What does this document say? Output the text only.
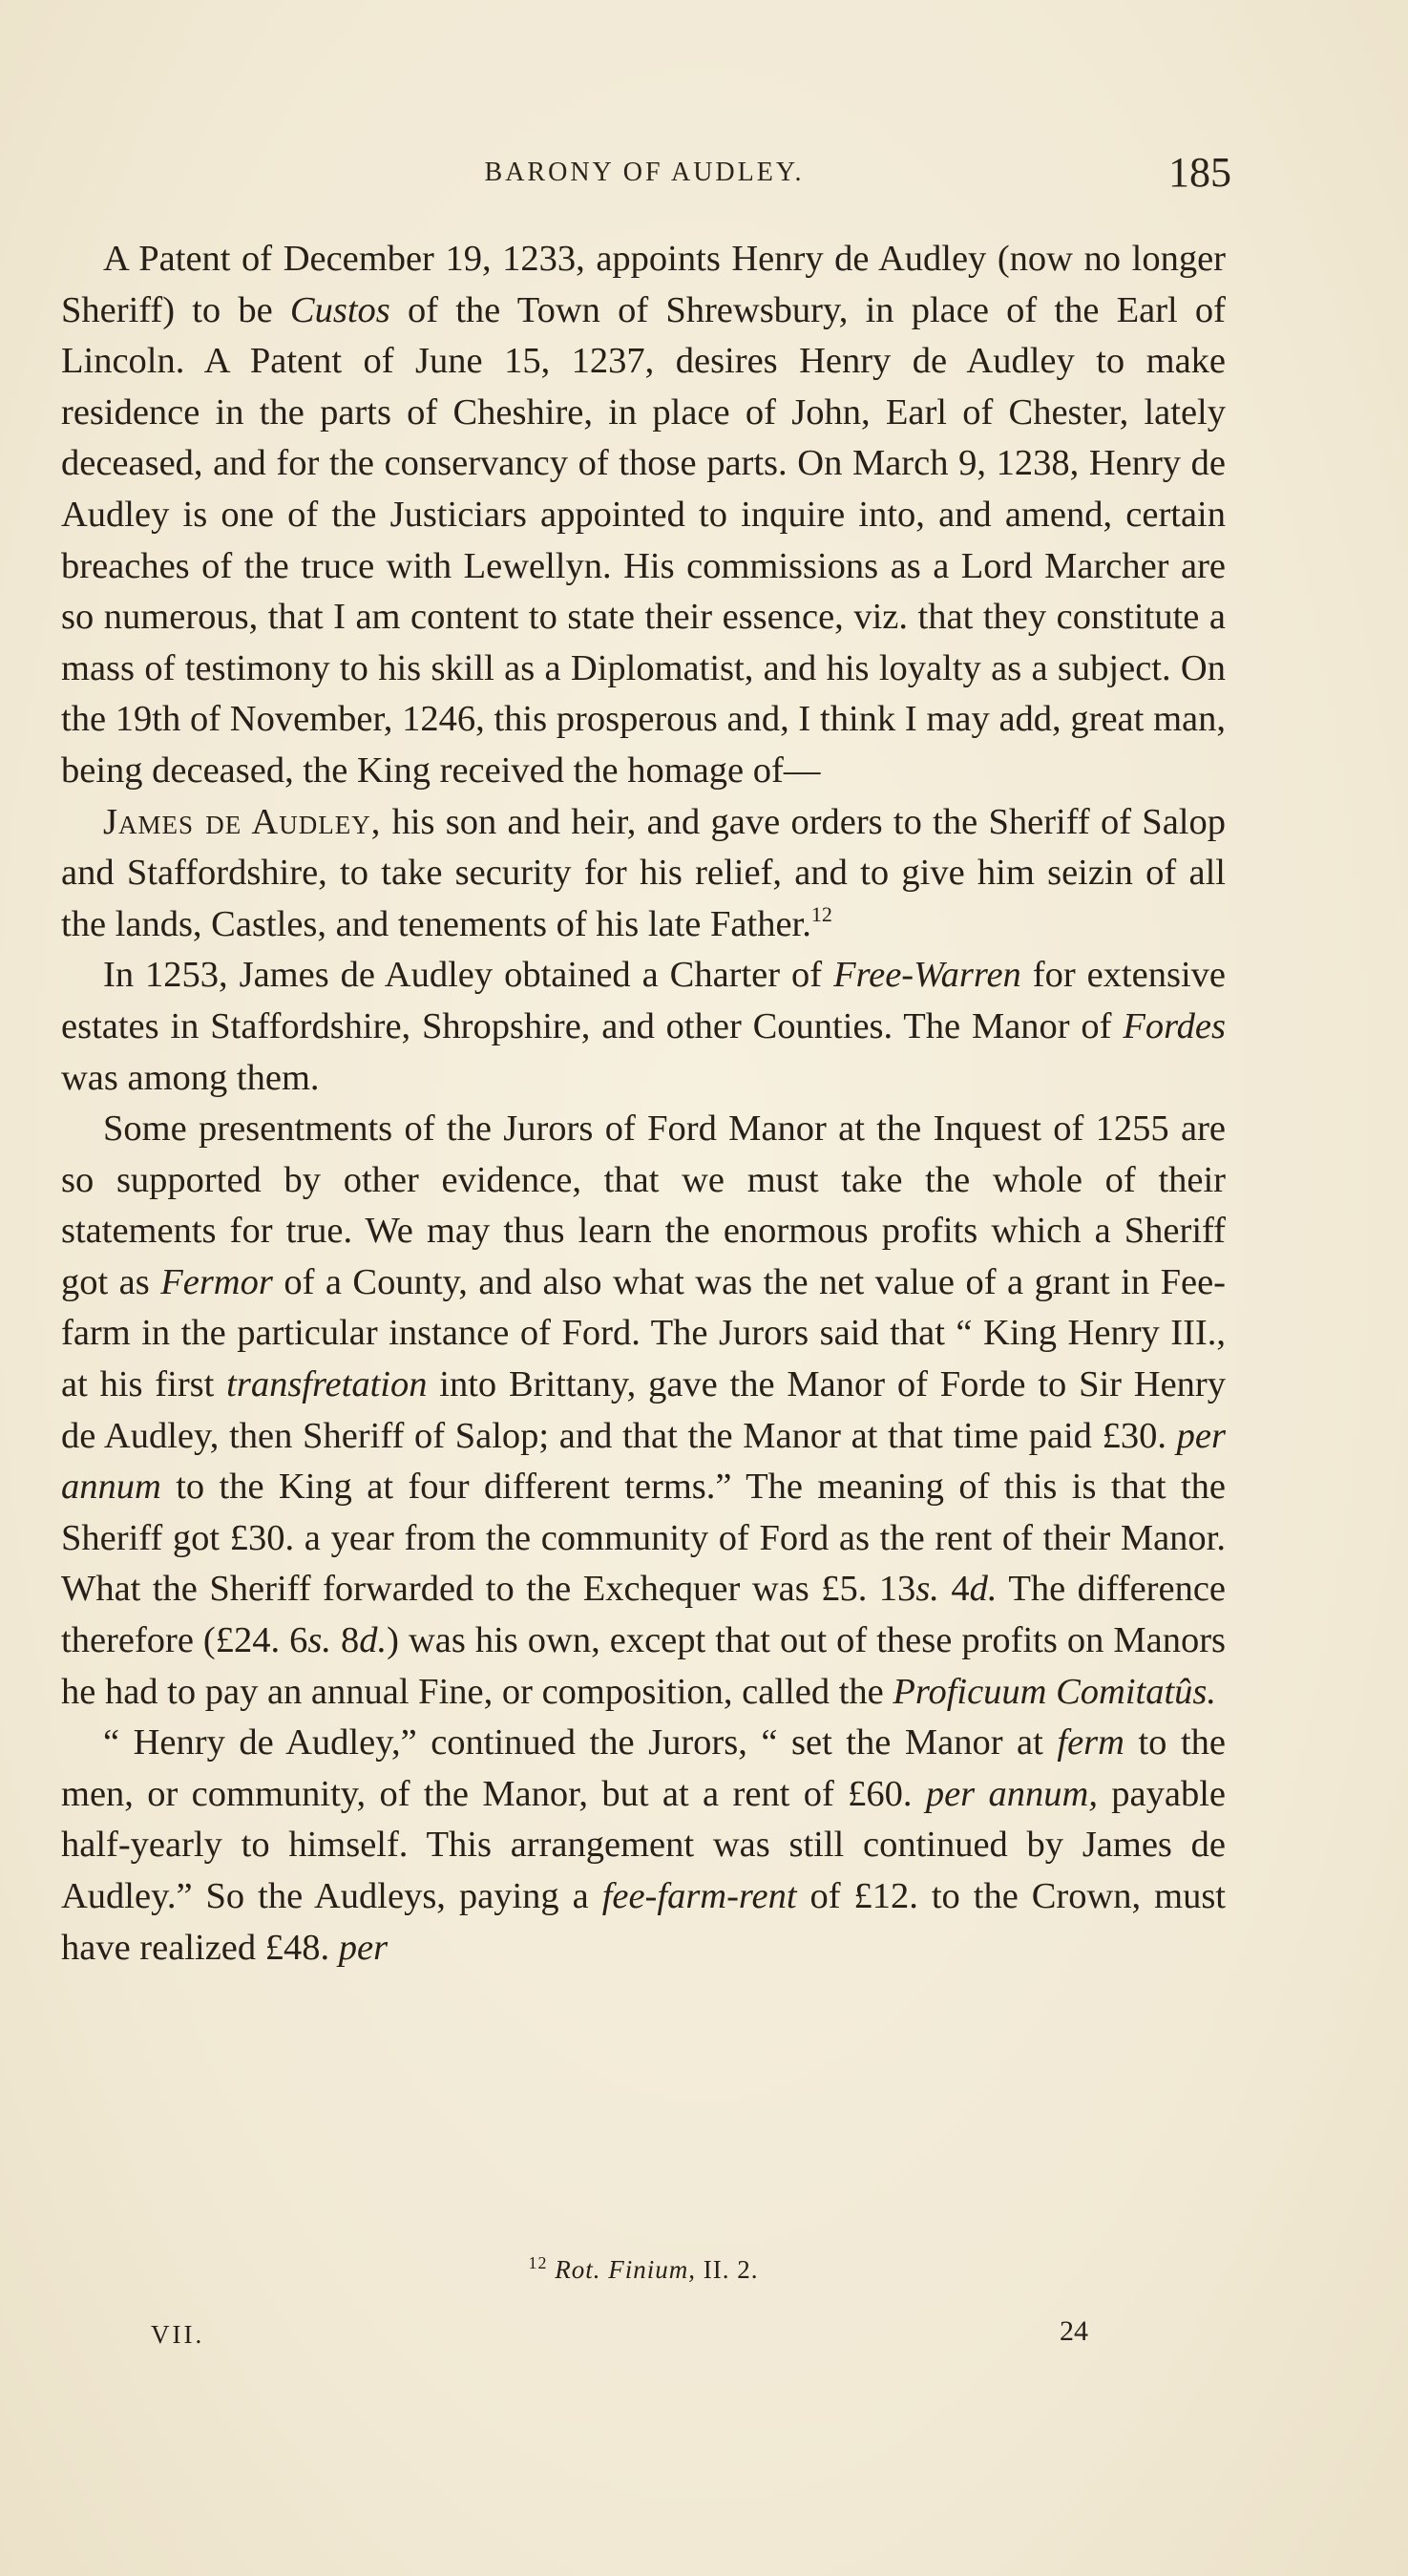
BARONY OF AUDLEY.	185

A Patent of December 19, 1233, appoints Henry de Audley (now no longer Sheriff) to be Custos of the Town of Shrewsbury, in place of the Earl of Lincoln. A Patent of June 15, 1237, desires Henry de Audley to make residence in the parts of Cheshire, in place of John, Earl of Chester, lately deceased, and for the conservancy of those parts. On March 9, 1238, Henry de Audley is one of the Justiciars appointed to inquire into, and amend, certain breaches of the truce with Lewellyn. His commissions as a Lord Marcher are so numerous, that I am content to state their essence, viz. that they constitute a mass of testimony to his skill as a Diplomatist, and his loyalty as a subject. On the 19th of November, 1246, this prosperous and, I think I may add, great man, being deceased, the King received the homage of—

James de Audley, his son and heir, and gave orders to the Sheriff of Salop and Staffordshire, to take security for his relief, and to give him seizin of all the lands, Castles, and tenements of his late Father.$^{12}$

In 1253, James de Audley obtained a Charter of Free-Warren for extensive estates in Staffordshire, Shropshire, and other Counties. The Manor of Fordes was among them.

Some presentments of the Jurors of Ford Manor at the Inquest of 1255 are so supported by other evidence, that we must take the whole of their statements for true. We may thus learn the enormous profits which a Sheriff got as Fermor of a County, and also what was the net value of a grant in Fee-farm in the particular instance of Ford. The Jurors said that “ King Henry III., at his first transfretation into Brittany, gave the Manor of Forde to Sir Henry de Audley, then Sheriff of Salop; and that the Manor at that time paid £30. per annum to the King at four different terms.” The meaning of this is that the Sheriff got £30. a year from the community of Ford as the rent of their Manor. What the Sheriff forwarded to the Exchequer was £5. 13s. 4d. The difference therefore (£24. 6s. 8d.) was his own, except that out of these profits on Manors he had to pay an annual Fine, or composition, called the Proficuum Comitatûs.

“ Henry de Audley,” continued the Jurors, “ set the Manor at ferm to the men, or community, of the Manor, but at a rent of £60. per annum, payable half-yearly to himself. This arrangement was still continued by James de Audley.” So the Audleys, paying a fee-farm-rent of £12. to the Crown, must have realized £48. per

$^{12}$ Rot. Finium, II. 2.
VII.	24
